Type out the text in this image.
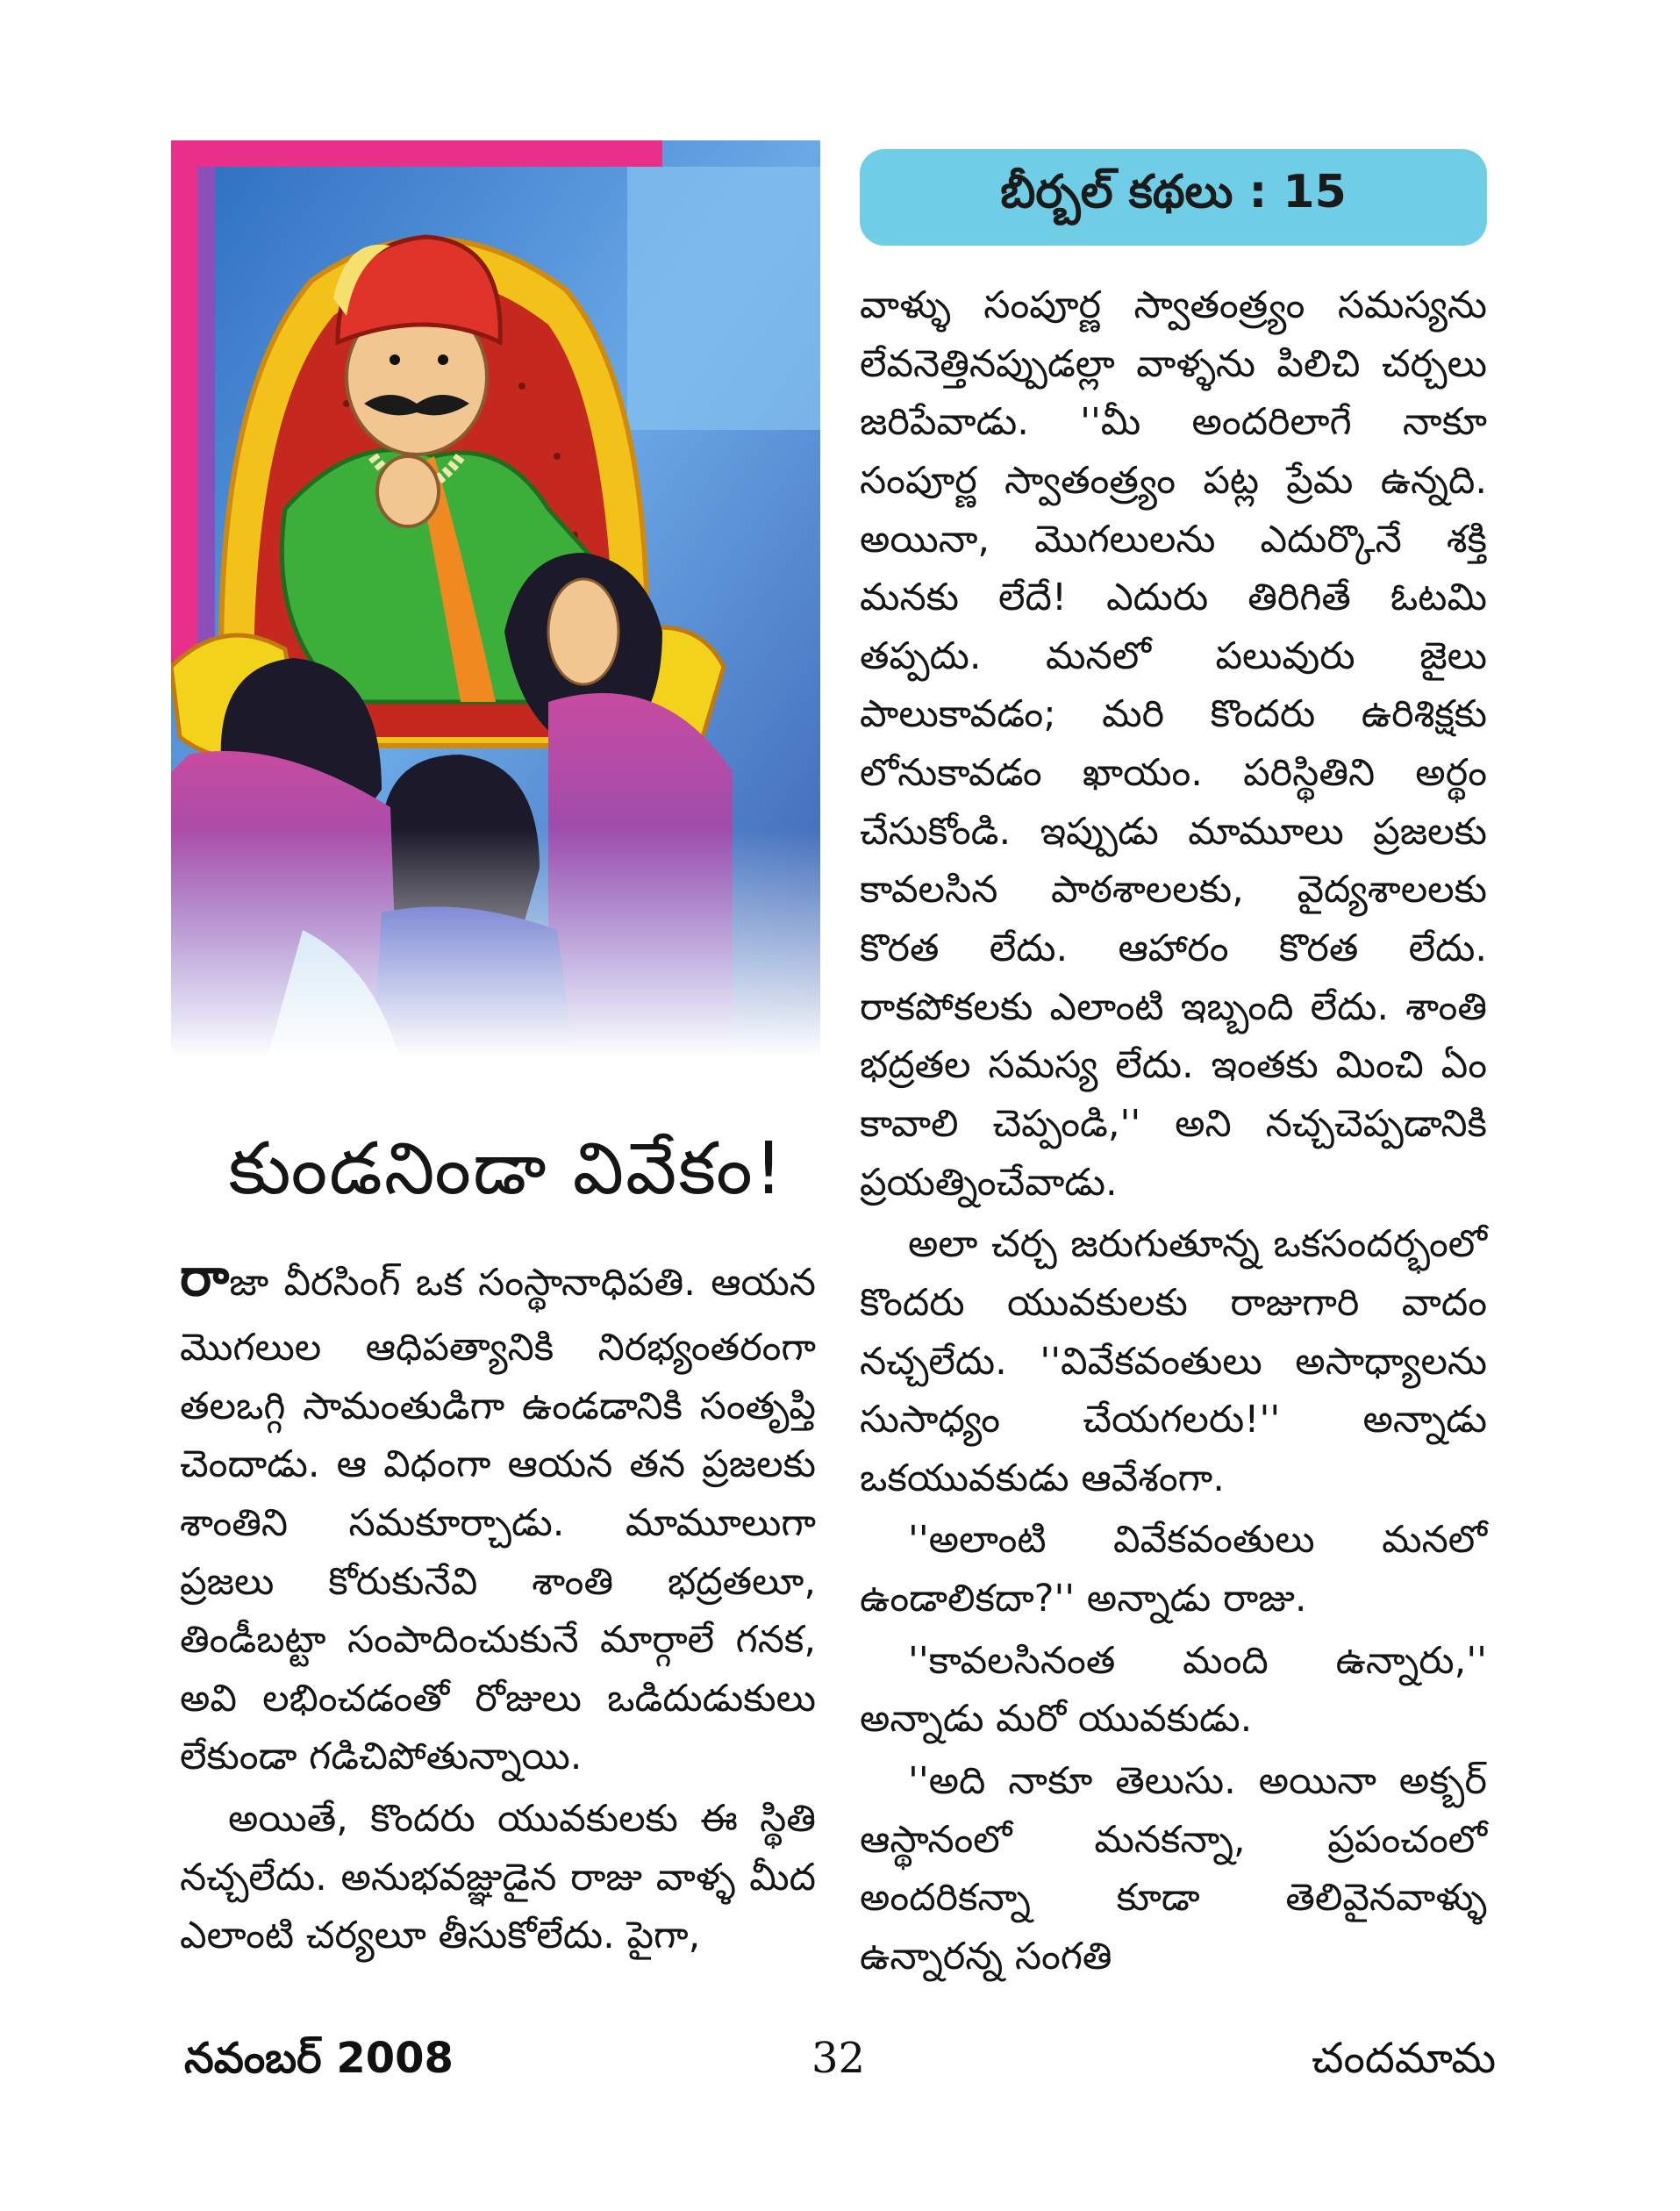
బీర్బల్ కథలు : 15
కుండనిండా వివేకం!

రాజా వీరసింగ్ ఒక సంస్థానాధిపతి. ఆయన మొగలుల ఆధిపత్యానికి నిరభ్యంతరంగా తలఒగ్గి సామంతుడిగా ఉండడానికి సంతృప్తి చెందాడు. ఆ విధంగా ఆయన తన ప్రజలకు శాంతిని సమకూర్చాడు. మామూలుగా ప్రజలు కోరుకునేవి శాంతి భద్రతలూ, తిండీబట్టా సంపాదించుకునే మార్గాలే గనక, అవి లభించడంతో రోజులు ఒడిదుడుకులు లేకుండా గడిచిపోతున్నాయి.

అయితే, కొందరు యువకులకు ఈ స్థితి నచ్చలేదు. అనుభవజ్ఞుడైన రాజు వాళ్ళ మీద ఎలాంటి చర్యలూ తీసుకోలేదు. పైగా,

వాళ్ళు సంపూర్ణ స్వాతంత్ర్యం సమస్యను లేవనెత్తినప్పుడల్లా వాళ్ళను పిలిచి చర్చలు జరిపేవాడు. ''మీ అందరిలాగే నాకూ సంపూర్ణ స్వాతంత్ర్యం పట్ల ప్రేమ ఉన్నది. అయినా, మొగలులను ఎదుర్కొనే శక్తి మనకు లేదే! ఎదురు తిరిగితే ఓటమి తప్పదు. మనలో పలువురు జైలు పాలుకావడం; మరి కొందరు ఉరిశిక్షకు లోనుకావడం ఖాయం. పరిస్థితిని అర్థం చేసుకోండి. ఇప్పుడు మామూలు ప్రజలకు కావలసిన పాఠశాలలకు, వైద్యశాలలకు కొరత లేదు. ఆహారం కొరత లేదు. రాకపోకలకు ఎలాంటి ఇబ్బంది లేదు. శాంతి భద్రతల సమస్య లేదు. ఇంతకు మించి ఏం కావాలి చెప్పండి,'' అని నచ్చచెప్పడానికి ప్రయత్నించేవాడు.

అలా చర్చ జరుగుతూన్న ఒకసందర్భంలో కొందరు యువకులకు రాజుగారి వాదం నచ్చలేదు. ''వివేకవంతులు అసాధ్యాలను సుసాధ్యం చేయగలరు!'' అన్నాడు ఒకయువకుడు ఆవేశంగా.

''అలాంటి వివేకవంతులు మనలో ఉండాలికదా?'' అన్నాడు రాజు.

''కావలసినంత మంది ఉన్నారు,'' అన్నాడు మరో యువకుడు.

''అది నాకూ తెలుసు. అయినా అక్బర్ ఆస్థానంలో మనకన్నా, ప్రపంచంలో అందరికన్నా కూడా తెలివైనవాళ్ళు ఉన్నారన్న సంగతి

నవంబర్ 2008	32	చందమామ
